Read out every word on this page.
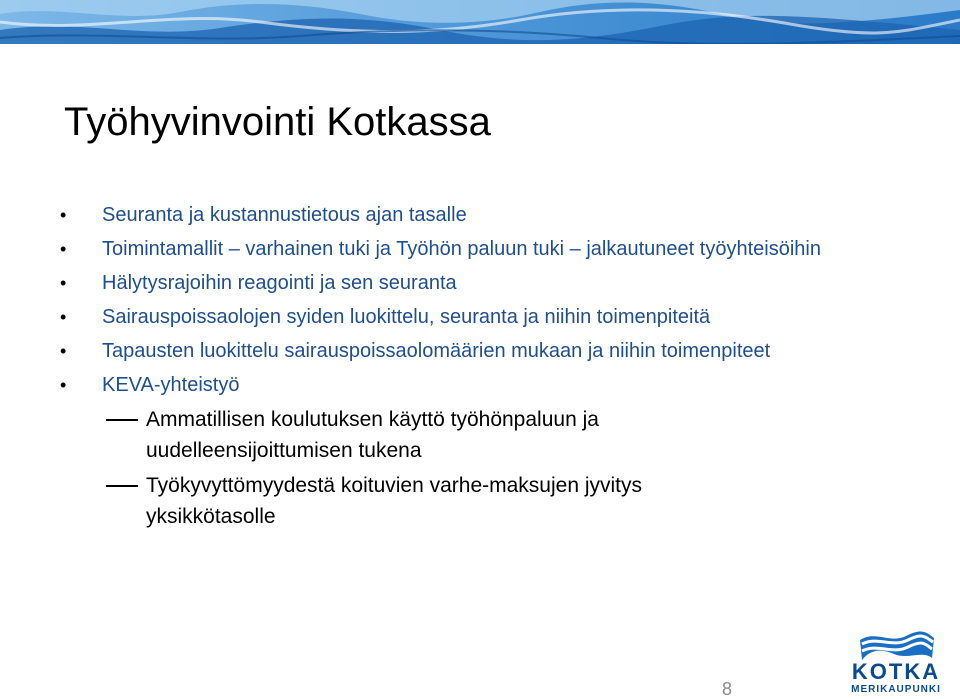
Työhyvinvointi Kotkassa
•	Seuranta ja kustannustietous ajan tasalle
•	Toimintamallit – varhainen tuki ja Työhön paluun tuki – jalkautuneet työyhteisöihin
•	Hälytysrajoihin reagointi ja sen seuranta
•	Sairauspoissaolojen syiden luokittelu, seuranta ja niihin toimenpiteitä
•	Tapausten luokittelu sairauspoissaolomäärien mukaan ja niihin toimenpiteet
•	KEVA-yhteistyö
Ammatillisen koulutuksen käyttö työhönpaluun ja uudelleensijoittumisen tukena
Työkyvyttömyydestä koituvien varhe-maksujen jyvitys yksikkötasolle
8
KOTKA
MERIKAUPUNKI
